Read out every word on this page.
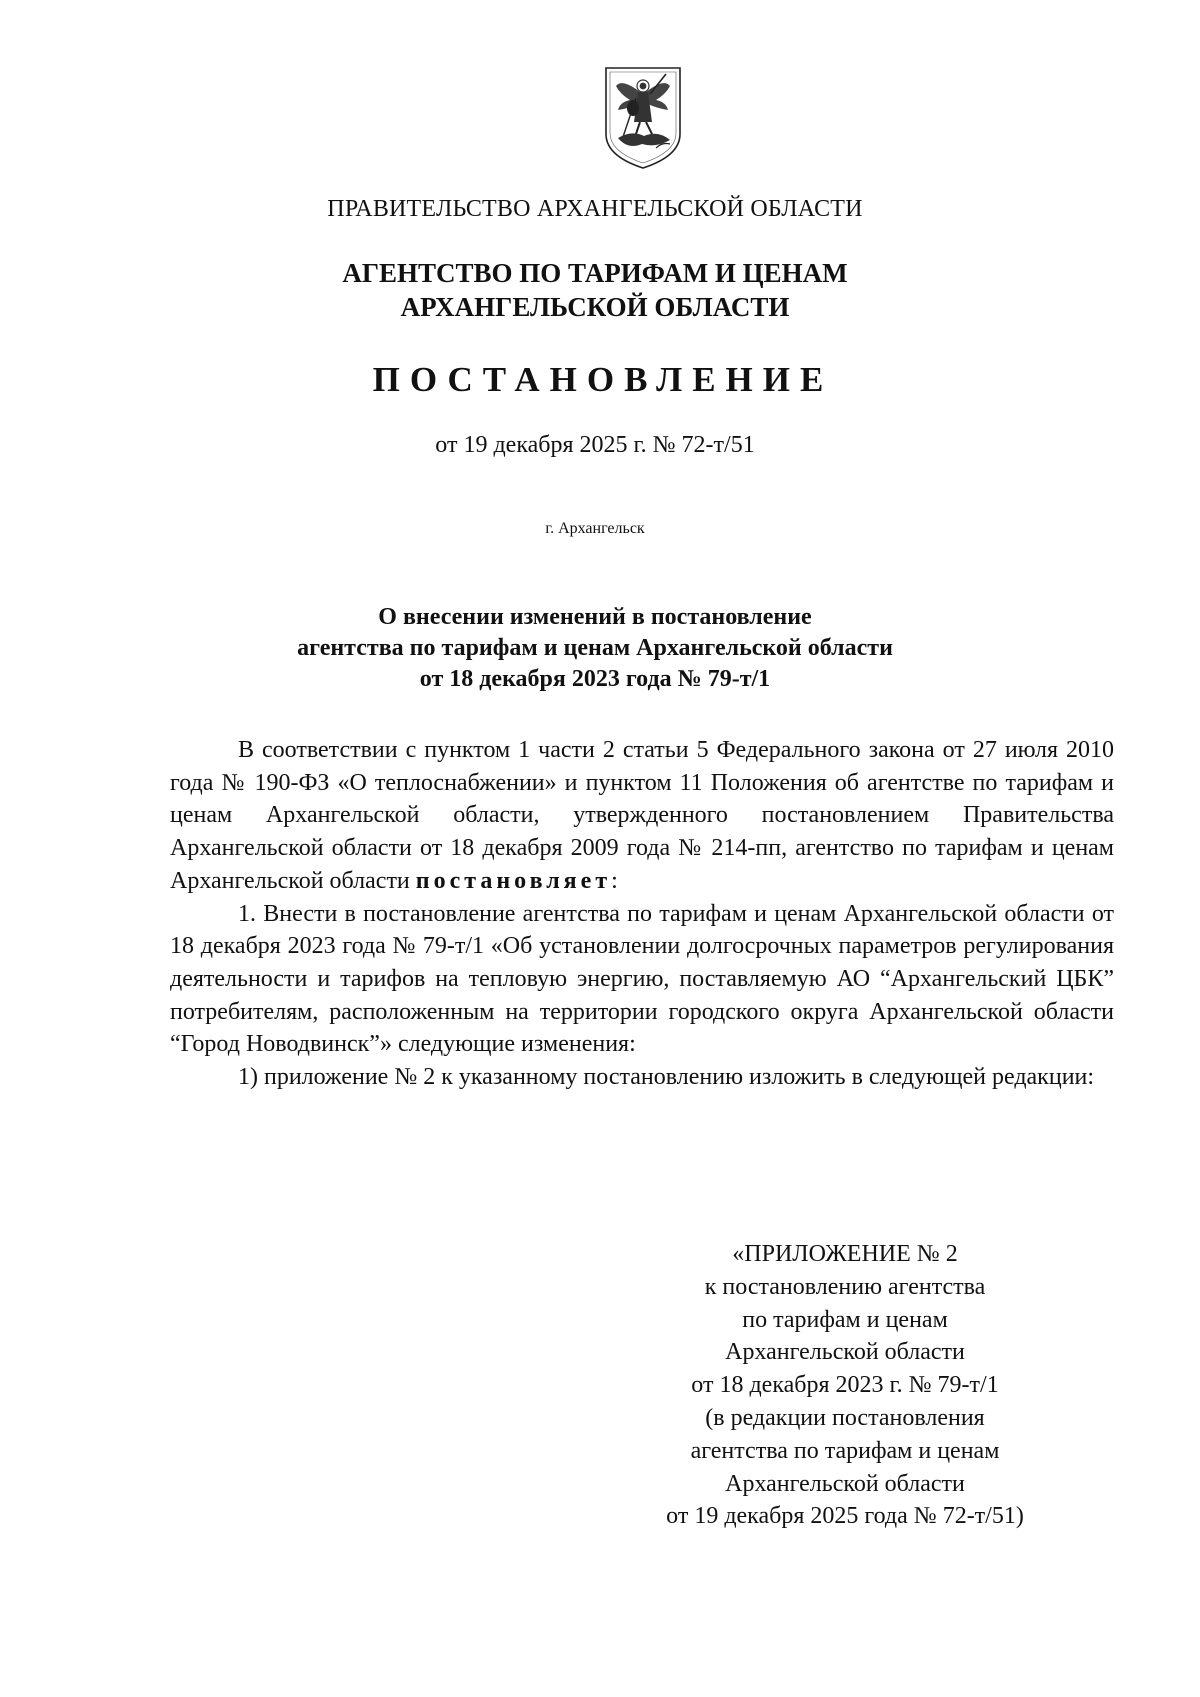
ПРАВИТЕЛЬСТВО АРХАНГЕЛЬСКОЙ ОБЛАСТИ
АГЕНТСТВО ПО ТАРИФАМ И ЦЕНАМ
АРХАНГЕЛЬСКОЙ ОБЛАСТИ
ПОСТАНОВЛЕНИЕ
от 19 декабря 2025 г. № 72-т/51
г. Архангельск
О внесении изменений в постановление
агентства по тарифам и ценам Архангельской области
от 18 декабря 2023 года № 79-т/1

В соответствии с пунктом 1 части 2 статьи 5 Федерального закона от 27 июля 2010 года № 190-ФЗ «О теплоснабжении» и пунктом 11 Положения об агентстве по тарифам и ценам Архангельской области, утвержденного постановлением Правительства Архангельской области от 18 декабря 2009 года № 214-пп, агентство по тарифам и ценам Архангельской области постановляет:

1. Внести в постановление агентства по тарифам и ценам Архангельской области от 18 декабря 2023 года № 79-т/1 «Об установлении долгосрочных параметров регулирования деятельности и тарифов на тепловую энергию, поставляемую АО “Архангельский ЦБК” потребителям, расположенным на территории городского округа Архангельской области “Город Новодвинск”» следующие изменения:

1) приложение № 2 к указанному постановлению изложить в следующей редакции:

«ПРИЛОЖЕНИЕ № 2
к постановлению агентства
по тарифам и ценам
Архангельской области
от 18 декабря 2023 г. № 79-т/1
(в редакции постановления
агентства по тарифам и ценам
Архангельской области
от 19 декабря 2025 года № 72-т/51)
